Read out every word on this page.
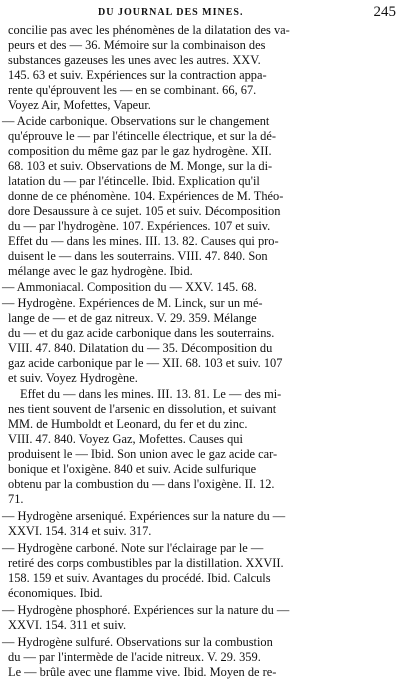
DU JOURNAL DES MINES.	245
concilie pas avec les phénomènes de la dilatation des va-
peurs et des — 36. Mémoire sur la combinaison des
substances gazeuses les unes avec les autres. XXV.
145. 63 et suiv. Expériences sur la contraction appa-
rente qu'éprouvent les — en se combinant. 66, 67.
Voyez Air, Mofettes, Vapeur.
— Acide carbonique. Observations sur le changement
qu'éprouve le — par l'étincelle électrique, et sur la dé-
composition du même gaz par le gaz hydrogène. XII.
68. 103 et suiv. Observations de M. Monge, sur la di-
latation du — par l'étincelle. Ibid. Explication qu'il
donne de ce phénomène. 104. Expériences de M. Théo-
dore Desaussure à ce sujet. 105 et suiv. Décomposition
du — par l'hydrogène. 107. Expériences. 107 et suiv.
Effet du — dans les mines. III. 13. 82. Causes qui pro-
duisent le — dans les souterrains. VIII. 47. 840. Son
mélange avec le gaz hydrogène. Ibid.
— Ammoniacal. Composition du — XXV. 145. 68.
— Hydrogène. Expériences de M. Linck, sur un mé-
lange de — et de gaz nitreux. V. 29. 359. Mélange
du — et du gaz acide carbonique dans les souterrains.
VIII. 47. 840. Dilatation du — 35. Décomposition du
gaz acide carbonique par le — XII. 68. 103 et suiv. 107
et suiv. Voyez Hydrogène.
Effet du — dans les mines. III. 13. 81. Le — des mi-
nes tient souvent de l'arsenic en dissolution, et suivant
MM. de Humboldt et Leonard, du fer et du zinc.
VIII. 47. 840. Voyez Gaz, Mofettes. Causes qui
produisent le — Ibid. Son union avec le gaz acide car-
bonique et l'oxigène. 840 et suiv. Acide sulfurique
obtenu par la combustion du — dans l'oxigène. II. 12.
71.
— Hydrogène arseniqué. Expériences sur la nature du —
XXVI. 154. 314 et suiv. 317.
— Hydrogène carboné. Note sur l'éclairage par le —
retiré des corps combustibles par la distillation. XXVII.
158. 159 et suiv. Avantages du procédé. Ibid. Calculs
économiques. Ibid.
— Hydrogène phosphoré. Expériences sur la nature du —
XXVI. 154. 311 et suiv.
— Hydrogène sulfuré. Observations sur la combustion
du — par l'intermède de l'acide nitreux. V. 29. 359.
Le — brûle avec une flamme vive. Ibid. Moyen de re-
